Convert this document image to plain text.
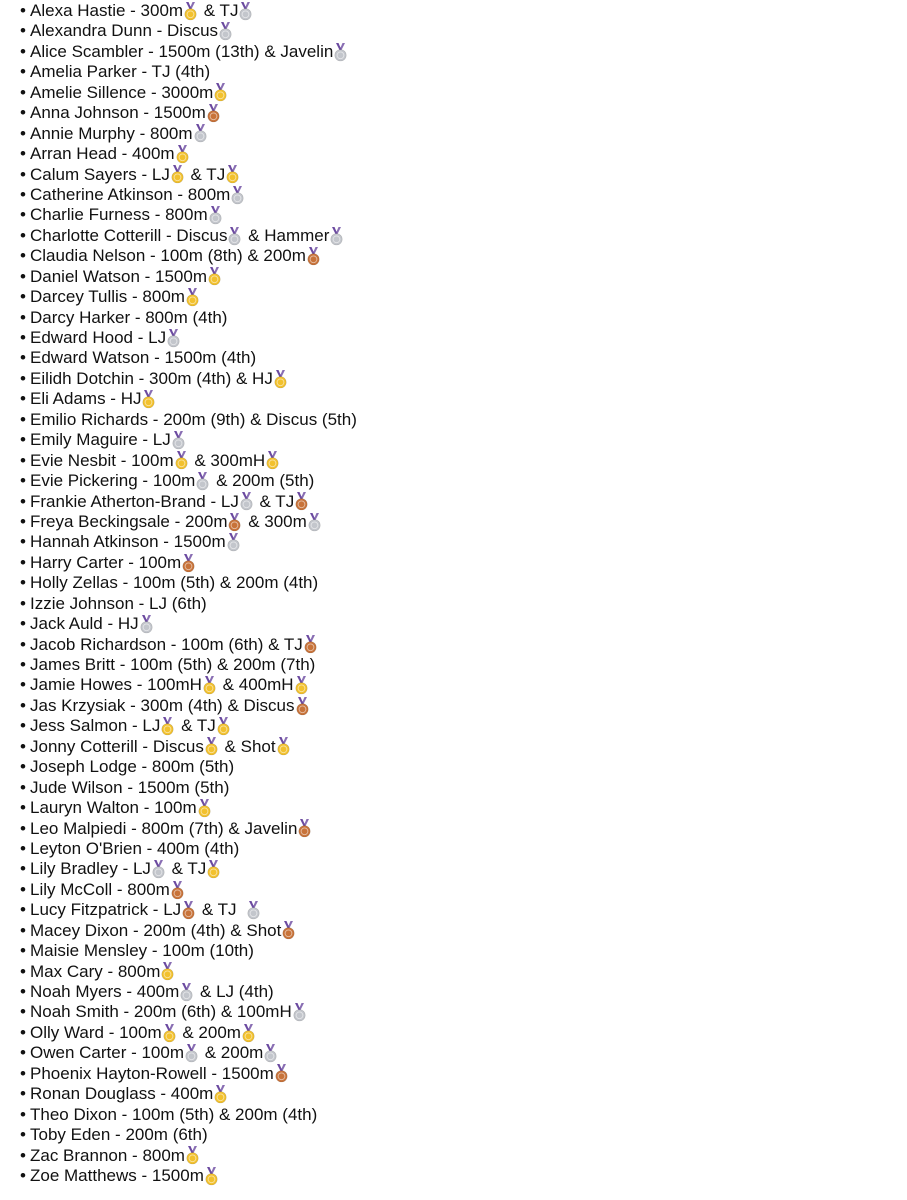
• Alexa Hastie - 300m & TJ
• Alexandra Dunn - Discus
• Alice Scambler - 1500m (13th) & Javelin
• Amelia Parker - TJ (4th)
• Amelie Sillence - 3000m
• Anna Johnson - 1500m
• Annie Murphy - 800m
• Arran Head - 400m
• Calum Sayers - LJ & TJ
• Catherine Atkinson - 800m
• Charlie Furness - 800m
• Charlotte Cotterill - Discus & Hammer
• Claudia Nelson - 100m (8th) & 200m
• Daniel Watson - 1500m
• Darcey Tullis - 800m
• Darcy Harker - 800m (4th)
• Edward Hood - LJ
• Edward Watson - 1500m (4th)
• Eilidh Dotchin - 300m (4th) & HJ
• Eli Adams - HJ
• Emilio Richards - 200m (9th) & Discus (5th)
• Emily Maguire - LJ
• Evie Nesbit - 100m & 300mH
• Evie Pickering - 100m & 200m (5th)
• Frankie Atherton-Brand - LJ & TJ
• Freya Beckingsale - 200m & 300m
• Hannah Atkinson - 1500m
• Harry Carter - 100m
• Holly Zellas - 100m (5th) & 200m (4th)
• Izzie Johnson - LJ (6th)
• Jack Auld - HJ
• Jacob Richardson - 100m (6th) & TJ
• James Britt - 100m (5th) & 200m (7th)
• Jamie Howes - 100mH & 400mH
• Jas Krzysiak - 300m (4th) & Discus
• Jess Salmon - LJ & TJ
• Jonny Cotterill - Discus & Shot
• Joseph Lodge - 800m (5th)
• Jude Wilson - 1500m (5th)
• Lauryn Walton - 100m
• Leo Malpiedi - 800m (7th) & Javelin
• Leyton O'Brien - 400m (4th)
• Lily Bradley - LJ & TJ
• Lily McColl - 800m
• Lucy Fitzpatrick - LJ & TJ
• Macey Dixon - 200m (4th) & Shot
• Maisie Mensley - 100m (10th)
• Max Cary - 800m
• Noah Myers - 400m & LJ (4th)
• Noah Smith - 200m (6th) & 100mH
• Olly Ward - 100m & 200m
• Owen Carter - 100m & 200m
• Phoenix Hayton-Rowell - 1500m
• Ronan Douglass - 400m
• Theo Dixon - 100m (5th) & 200m (4th)
• Toby Eden - 200m (6th)
• Zac Brannon - 800m
• Zoe Matthews - 1500m
